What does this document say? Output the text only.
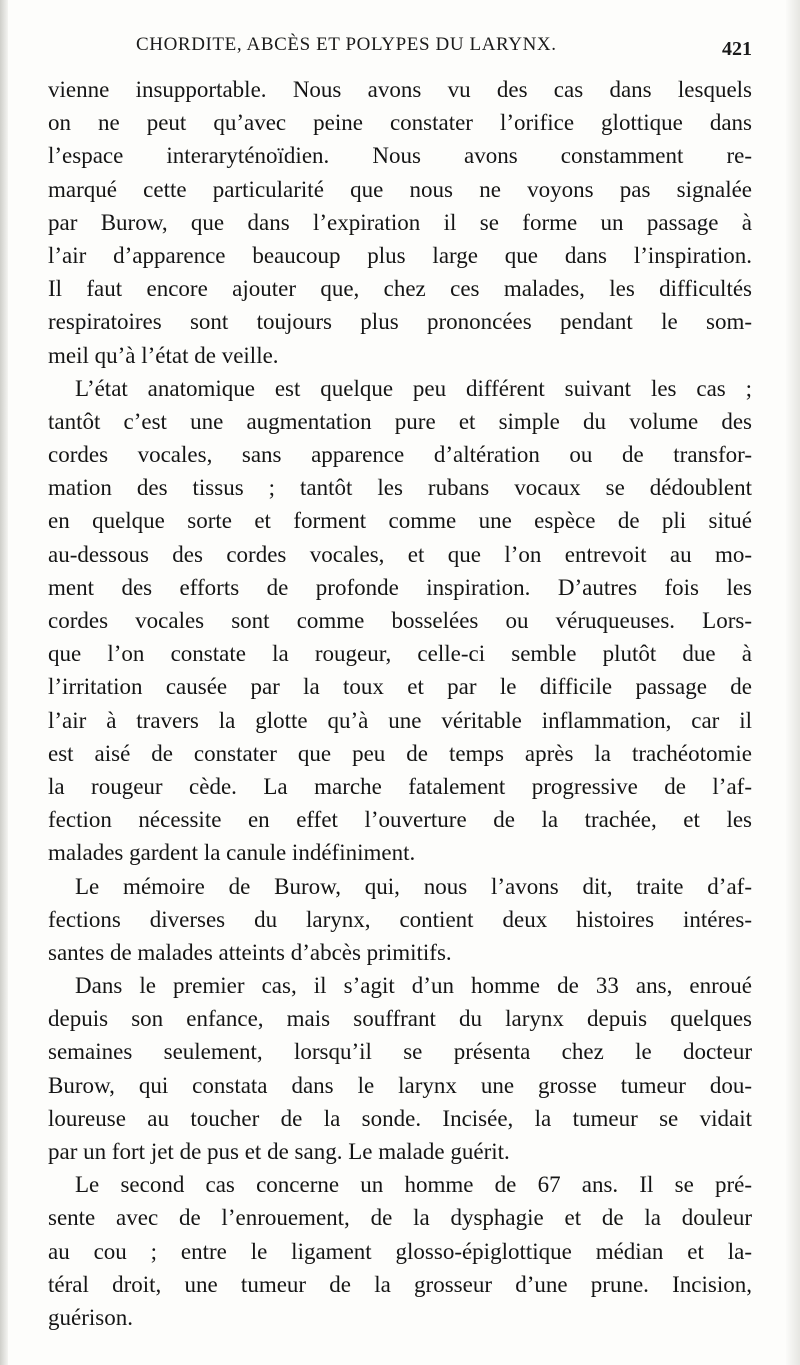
CHORDITE, ABCÈS ET POLYPES DU LARYNX.	421
vienne insupportable. Nous avons vu des cas dans lesquels
on ne peut qu’avec peine constater l’orifice glottique dans
l’espace interaryténoïdien. Nous avons constamment re-
marqué cette particularité que nous ne voyons pas signalée
par Burow, que dans l’expiration il se forme un passage à
l’air d’apparence beaucoup plus large que dans l’inspiration.
Il faut encore ajouter que, chez ces malades, les difficultés
respiratoires sont toujours plus prononcées pendant le som-
meil qu’à l’état de veille.
L’état anatomique est quelque peu différent suivant les cas ;
tantôt c’est une augmentation pure et simple du volume des
cordes vocales, sans apparence d’altération ou de transfor-
mation des tissus ; tantôt les rubans vocaux se dédoublent
en quelque sorte et forment comme une espèce de pli situé
au-dessous des cordes vocales, et que l’on entrevoit au mo-
ment des efforts de profonde inspiration. D’autres fois les
cordes vocales sont comme bosselées ou véruqueuses. Lors-
que l’on constate la rougeur, celle-ci semble plutôt due à
l’irritation causée par la toux et par le difficile passage de
l’air à travers la glotte qu’à une véritable inflammation, car il
est aisé de constater que peu de temps après la trachéotomie
la rougeur cède. La marche fatalement progressive de l’af-
fection nécessite en effet l’ouverture de la trachée, et les
malades gardent la canule indéfiniment.
Le mémoire de Burow, qui, nous l’avons dit, traite d’af-
fections diverses du larynx, contient deux histoires intéres-
santes de malades atteints d’abcès primitifs.
Dans le premier cas, il s’agit d’un homme de 33 ans, enroué
depuis son enfance, mais souffrant du larynx depuis quelques
semaines seulement, lorsqu’il se présenta chez le docteur
Burow, qui constata dans le larynx une grosse tumeur dou-
loureuse au toucher de la sonde. Incisée, la tumeur se vidait
par un fort jet de pus et de sang. Le malade guérit.
Le second cas concerne un homme de 67 ans. Il se pré-
sente avec de l’enrouement, de la dysphagie et de la douleur
au cou ; entre le ligament glosso-épiglottique médian et la-
téral droit, une tumeur de la grosseur d’une prune. Incision,
guérison.
